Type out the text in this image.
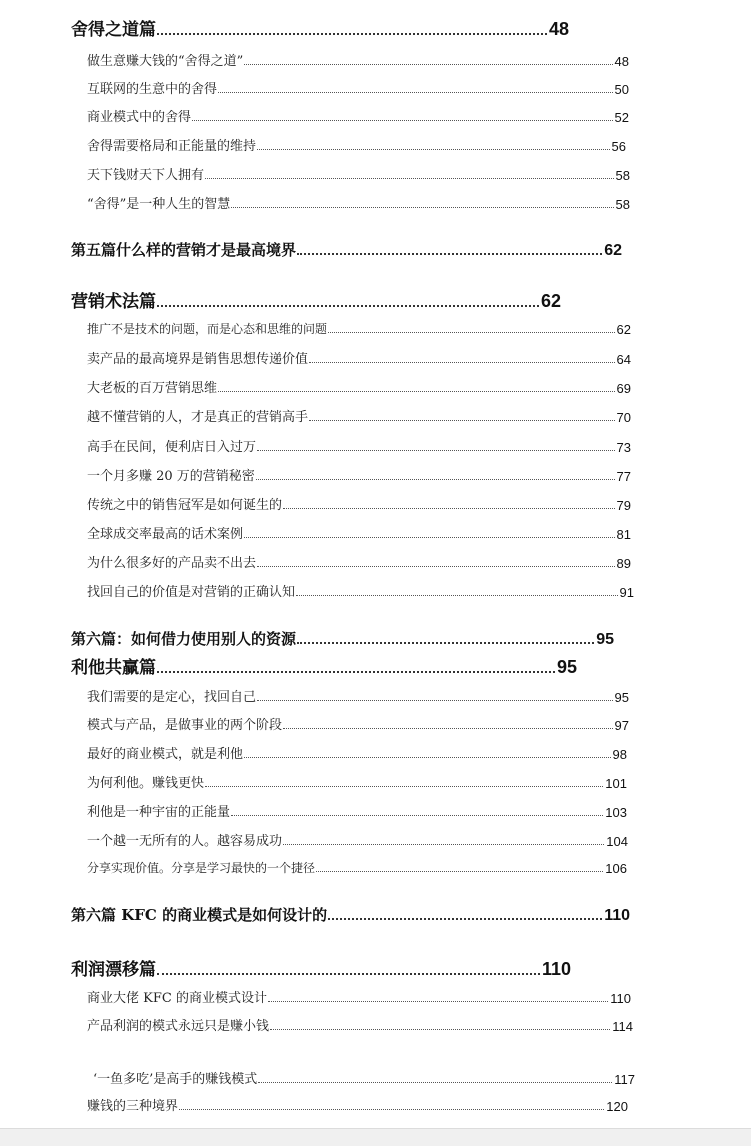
舍得之道篇	48
做生意赚大钱的“舍得之道”	48
互联网的生意中的舍得	50
商业模式中的舍得	52
舍得需要格局和正能量的维持	56
天下钱财天下人拥有	58
“舍得”是一种人生的智慧	58
第五篇什么样的营销才是最高境界	62
营销术法篇	62
推广不是技术的问题，而是心态和思维的问题	62
卖产品的最高境界是销售思想传递价值	64
大老板的百万营销思维	69
越不懂营销的人，才是真正的营销高手	70
高手在民间，便利店日入过万	73
一个月多赚 20 万的营销秘密	77
传统之中的销售冠军是如何诞生的	79
全球成交率最高的话术案例	81
为什么很多好的产品卖不出去	89
找回自己的价值是对营销的正确认知	91
第六篇：如何借力使用别人的资源	95
利他共赢篇	95
我们需要的是定心，找回自己	95
模式与产品，是做事业的两个阶段	97
最好的商业模式，就是利他	98
为何利他。赚钱更快	101
利他是一种宇宙的正能量	103
一个越一无所有的人。越容易成功	104
分享实现价值。分享是学习最快的一个捷径	106
第六篇 KFC 的商业模式是如何设计的	110
利润漂移篇	110
商业大佬 KFC 的商业模式设计	110
产品利润的模式永远只是赚小钱	114
‘一鱼多吃’是高手的赚钱模式	117
赚钱的三种境界	120
